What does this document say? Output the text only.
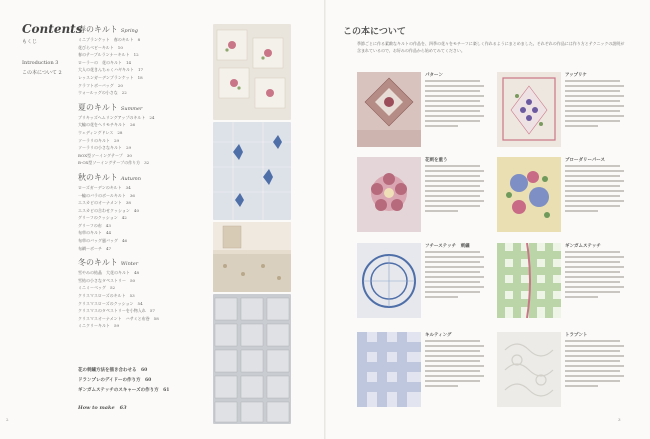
Contents
もくじ
Introduction 3
この本について 2
春のキルト Spring
ミニブランケット　春のキルト　8
花びらベビーキルト　10
春のテーブルランナーキルト　12
ローラーの　花のキルト　14
大人の花きんちゃくハギキルト　17
レッスンガーデンブランケット　18
クラフトボーバッグ　20
ウォールッグの小さな　22
夏のキルト Summer
ブリキッズヘムリングアップのキルト　24
大輪の花をヘリモチキルト　26
ウェディングドレス　28
ソーラリのキルト　29
ソーラリの小さなキルト　29
BOX型ソーイングテープ　30
B-OX型ソーイングテープの作り方　32
秋のキルト Autumn
ローズガーデンのキルト　34
一輪のバラのボールキルト　36
エスカピのオーナメント　38
エスカピの合わせクッション　40
グリーフのクッション　42
グリーフの布　43
布草のキルト　44
布草のバッグ風バッグ　46
布網ーボーチ　47
冬のキルト Winter
雪やみの結晶　大花のキルト　48
雪結の小さなタペストリー　50
ミニミーベッグ　52
クリスマスローズのキルト　53
クリスマスローズのクッション　54
クリスマスのタペストリーを小物入れ　57
クリスマスオーナメント　ハサミと布巻　58
ミニクリーキルト　59
花の刺繍方法を描き合わせる　60
ドランプレのデイドーの作り方　60
ギンガムステッチのスキャーズの作り方　61
How to make　63
2
この本について
季節ごとに作る素敵なキルトの作品を、四季の花々をモチーフに楽しく作れるようにまとめました。それぞれの作品には作り方とテクニックの説明が含まれているので、お好みの作品から始めてみてください。
パターン	アップリケ
花刺を重う	ブローダリーパース
フチーステッチ　刺繍	ギンガムステッチ
キルティング	トラプント
3
